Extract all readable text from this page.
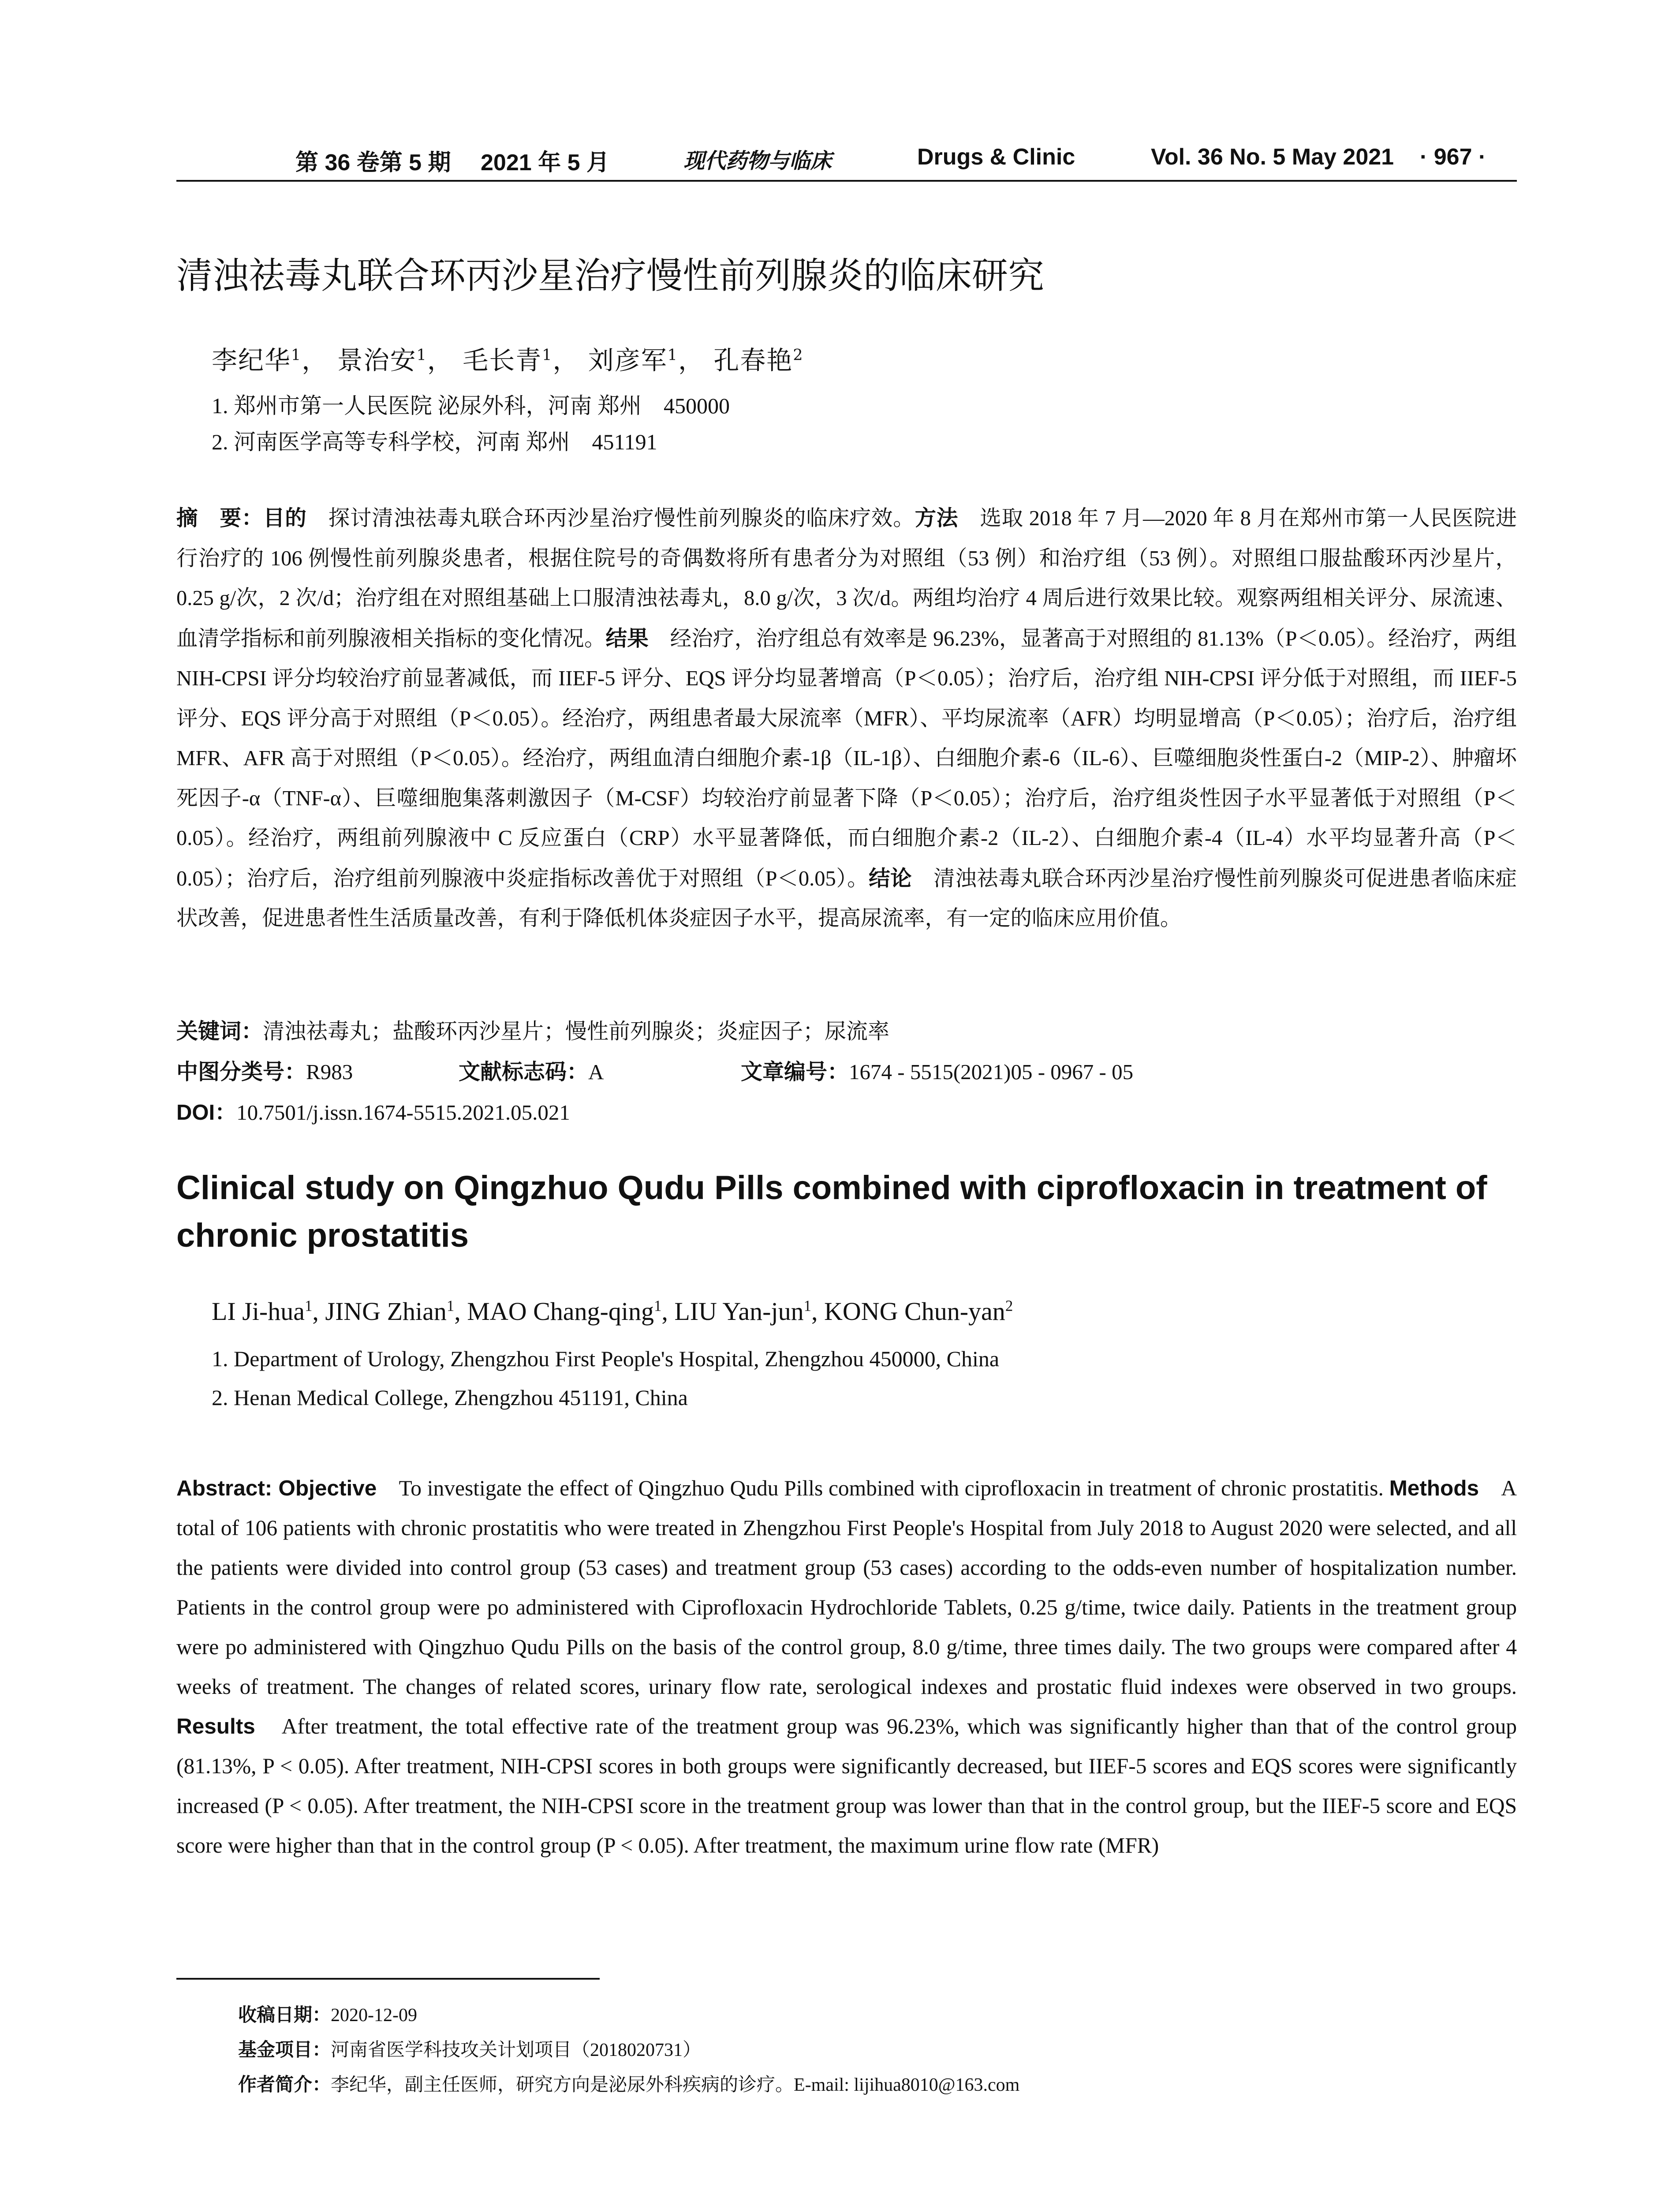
第 36 卷第 5 期 2021 年 5 月	现代药物与临床	Drugs & Clinic	Vol. 36 No. 5 May 2021 · 967 ·
清浊祛毒丸联合环丙沙星治疗慢性前列腺炎的临床研究
李纪华$^1$， 景治安$^1$， 毛长青$^1$， 刘彦军$^1$， 孔春艳$^2$
1. 郑州市第一人民医院 泌尿外科，河南 郑州　450000
2. 河南医学高等专科学校，河南 郑州　451191
摘　要：目的　探讨清浊祛毒丸联合环丙沙星治疗慢性前列腺炎的临床疗效。方法　选取 2018 年 7 月—2020 年 8 月在郑州市第一人民医院进行治疗的 106 例慢性前列腺炎患者，根据住院号的奇偶数将所有患者分为对照组（53 例）和治疗组（53 例）。对照组口服盐酸环丙沙星片，0.25 g/次，2 次/d；治疗组在对照组基础上口服清浊祛毒丸，8.0 g/次，3 次/d。两组均治疗 4 周后进行效果比较。观察两组相关评分、尿流速、血清学指标和前列腺液相关指标的变化情况。结果　经治疗，治疗组总有效率是 96.23%，显著高于对照组的 81.13%（P＜0.05）。经治疗，两组 NIH-CPSI 评分均较治疗前显著减低，而 IIEF-5 评分、EQS 评分均显著增高（P＜0.05）；治疗后，治疗组 NIH-CPSI 评分低于对照组，而 IIEF-5 评分、EQS 评分高于对照组（P＜0.05）。经治疗，两组患者最大尿流率（MFR）、平均尿流率（AFR）均明显增高（P＜0.05）；治疗后，治疗组 MFR、AFR 高于对照组（P＜0.05）。经治疗，两组血清白细胞介素-1β（IL-1β）、白细胞介素-6（IL-6）、巨噬细胞炎性蛋白-2（MIP-2）、肿瘤坏死因子-α（TNF-α）、巨噬细胞集落刺激因子（M-CSF）均较治疗前显著下降（P＜0.05）；治疗后，治疗组炎性因子水平显著低于对照组（P＜0.05）。经治疗，两组前列腺液中 C 反应蛋白（CRP）水平显著降低，而白细胞介素-2（IL-2）、白细胞介素-4（IL-4）水平均显著升高（P＜0.05）；治疗后，治疗组前列腺液中炎症指标改善优于对照组（P＜0.05）。结论　清浊祛毒丸联合环丙沙星治疗慢性前列腺炎可促进患者临床症状改善，促进患者性生活质量改善，有利于降低机体炎症因子水平，提高尿流率，有一定的临床应用价值。
关键词：清浊祛毒丸；盐酸环丙沙星片；慢性前列腺炎；炎症因子；尿流率
中图分类号：R983	文献标志码：A	文章编号：1674 - 5515(2021)05 - 0967 - 05
DOI：10.7501/j.issn.1674-5515.2021.05.021
Clinical study on Qingzhuo Qudu Pills combined with ciprofloxacin in treatment of chronic prostatitis
LI Ji-hua$^1$, JING Zhian$^1$, MAO Chang-qing$^1$, LIU Yan-jun$^1$, KONG Chun-yan$^2$
1. Department of Urology, Zhengzhou First People's Hospital, Zhengzhou 450000, China
2. Henan Medical College, Zhengzhou 451191, China
Abstract: Objective　To investigate the effect of Qingzhuo Qudu Pills combined with ciprofloxacin in treatment of chronic prostatitis. Methods　A total of 106 patients with chronic prostatitis who were treated in Zhengzhou First People's Hospital from July 2018 to August 2020 were selected, and all the patients were divided into control group (53 cases) and treatment group (53 cases) according to the odds-even number of hospitalization number. Patients in the control group were po administered with Ciprofloxacin Hydrochloride Tablets, 0.25 g/time, twice daily. Patients in the treatment group were po administered with Qingzhuo Qudu Pills on the basis of the control group, 8.0 g/time, three times daily. The two groups were compared after 4 weeks of treatment. The changes of related scores, urinary flow rate, serological indexes and prostatic fluid indexes were observed in two groups. Results　After treatment, the total effective rate of the treatment group was 96.23%, which was significantly higher than that of the control group (81.13%, P < 0.05). After treatment, NIH-CPSI scores in both groups were significantly decreased, but IIEF-5 scores and EQS scores were significantly increased (P < 0.05). After treatment, the NIH-CPSI score in the treatment group was lower than that in the control group, but the IIEF-5 score and EQS score were higher than that in the control group (P < 0.05). After treatment, the maximum urine flow rate (MFR)
收稿日期：2020-12-09
基金项目：河南省医学科技攻关计划项目（2018020731）
作者简介：李纪华，副主任医师，研究方向是泌尿外科疾病的诊疗。E-mail: lijihua8010@163.com
